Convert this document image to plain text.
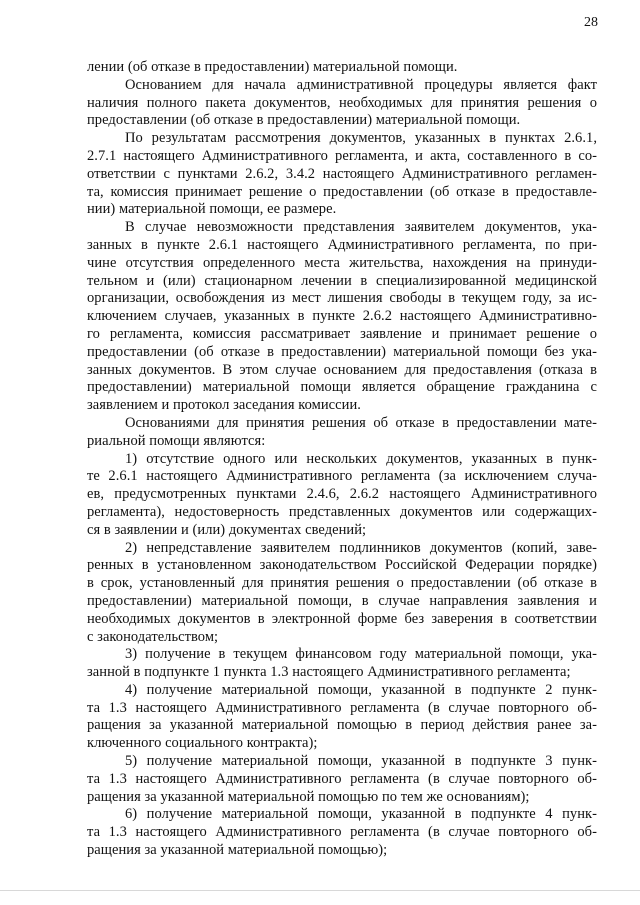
28
лении (об отказе в предоставлении) материальной помощи.
Основанием для начала административной процедуры является факт
наличия полного пакета документов, необходимых для принятия решения о
предоставлении (об отказе в предоставлении) материальной помощи.
По результатам рассмотрения документов, указанных в пунктах 2.6.1,
2.7.1 настоящего Административного регламента, и акта, составленного в со-
ответствии с пунктами 2.6.2, 3.4.2 настоящего Административного регламен-
та, комиссия принимает решение о предоставлении (об отказе в предоставле-
нии) материальной помощи, ее размере.
В случае невозможности представления заявителем документов, ука-
занных в пункте 2.6.1 настоящего Административного регламента, по при-
чине отсутствия определенного места жительства, нахождения на принуди-
тельном и (или) стационарном лечении в специализированной медицинской
организации, освобождения из мест лишения свободы в текущем году, за ис-
ключением случаев, указанных в пункте 2.6.2 настоящего Административно-
го регламента, комиссия рассматривает заявление и принимает решение о
предоставлении (об отказе в предоставлении) материальной помощи без ука-
занных документов. В этом случае основанием для предоставления (отказа в
предоставлении) материальной помощи является обращение гражданина с
заявлением и протокол заседания комиссии.
Основаниями для принятия решения об отказе в предоставлении мате-
риальной помощи являются:
1) отсутствие одного или нескольких документов, указанных в пунк-
те 2.6.1 настоящего Административного регламента (за исключением случа-
ев, предусмотренных пунктами 2.4.6, 2.6.2 настоящего Административного
регламента), недостоверность представленных документов или содержащих-
ся в заявлении и (или) документах сведений;
2) непредставление заявителем подлинников документов (копий, заве-
ренных в установленном законодательством Российской Федерации порядке)
в срок, установленный для принятия решения о предоставлении (об отказе в
предоставлении) материальной помощи, в случае направления заявления и
необходимых документов в электронной форме без заверения в соответствии
с законодательством;
3) получение в текущем финансовом году материальной помощи, ука-
занной в подпункте 1 пункта 1.3 настоящего Административного регламента;
4) получение материальной помощи, указанной в подпункте 2 пунк-
та 1.3 настоящего Административного регламента (в случае повторного об-
ращения за указанной материальной помощью в период действия ранее за-
ключенного социального контракта);
5) получение материальной помощи, указанной в подпункте 3 пунк-
та 1.3 настоящего Административного регламента (в случае повторного об-
ращения за указанной материальной помощью по тем же основаниям);
6) получение материальной помощи, указанной в подпункте 4 пунк-
та 1.3 настоящего Административного регламента (в случае повторного об-
ращения за указанной материальной помощью);
